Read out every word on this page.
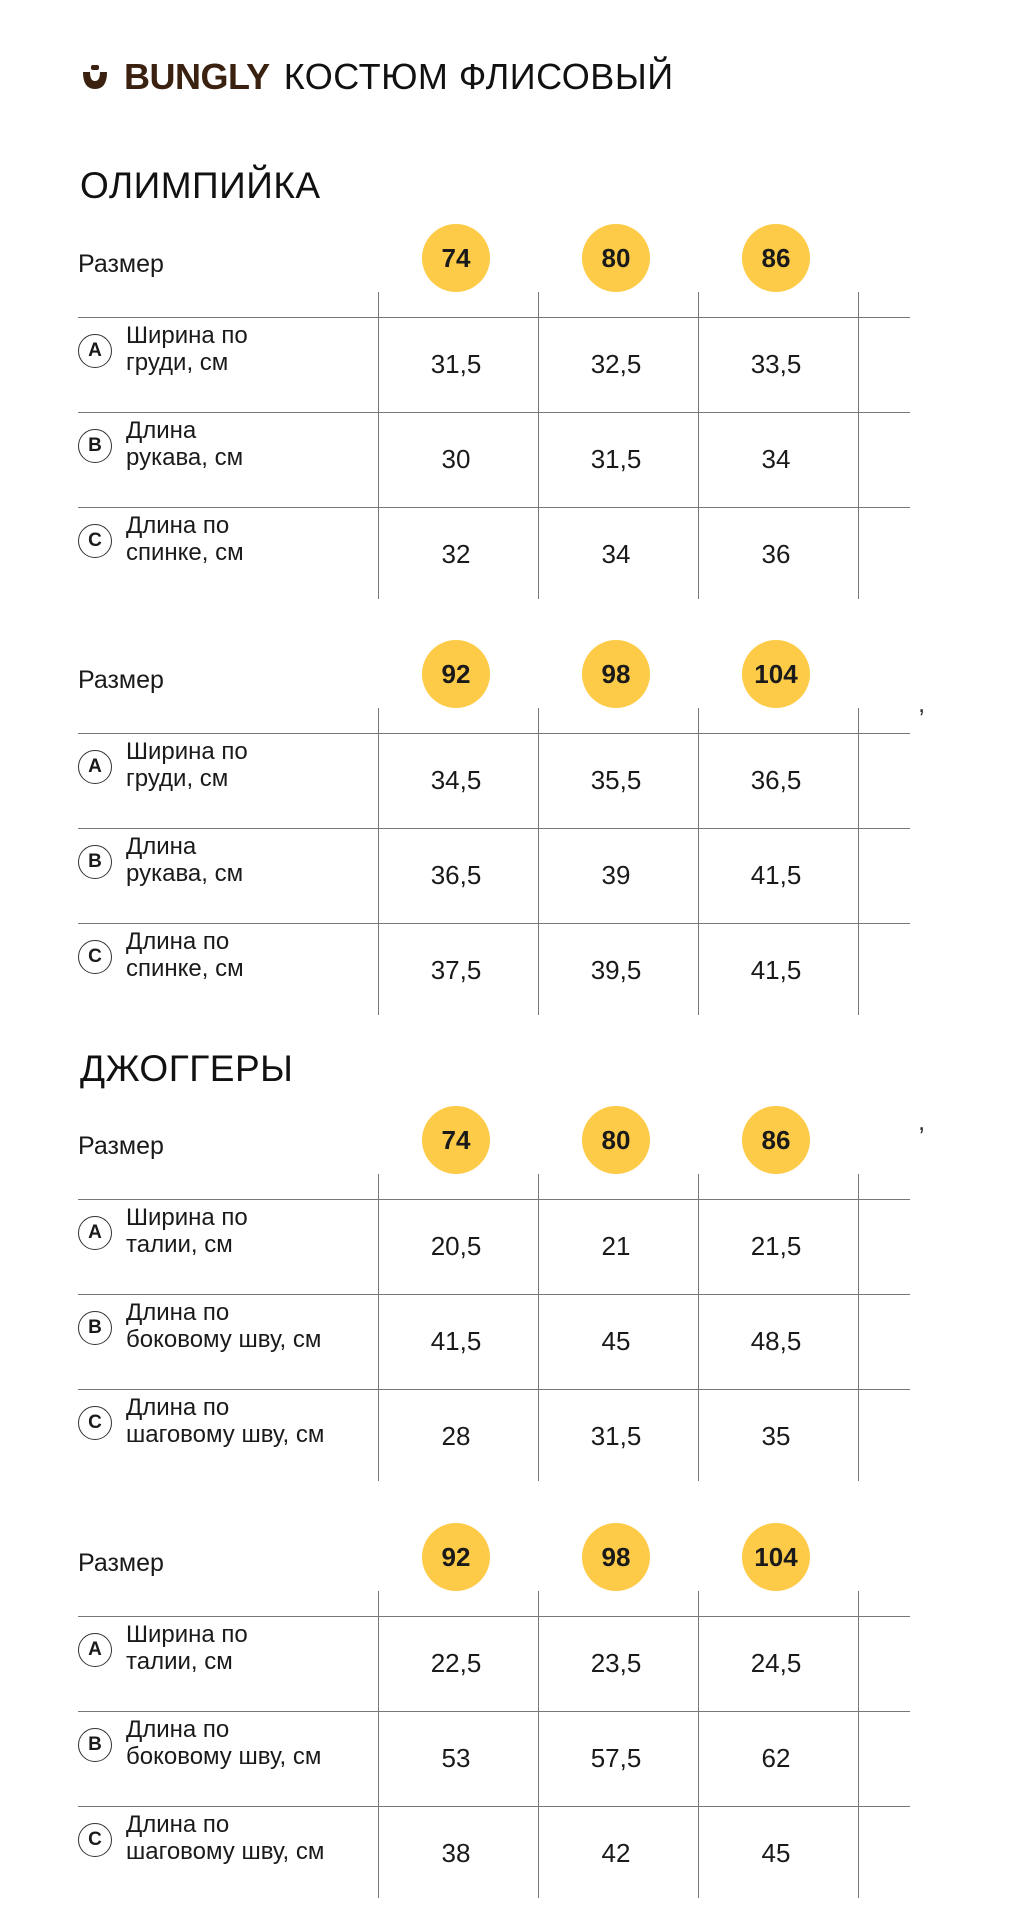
BUNGLY КОСТЮМ ФЛИСОВЫЙ
ОЛИМПИЙКА
ДЖОГГЕРЫ
Размер	74	80	86
A
Ширина по
груди, см	31,5	32,5	33,5
B
Длина
рукава, см	30	31,5	34
C
Длина по
спинке, см	32	34	36
Размер	92	98	104
A
Ширина по
груди, см	34,5	35,5	36,5
B
Длина
рукава, см	36,5	39	41,5
C
Длина по
спинке, см	37,5	39,5	41,5
Размер	74	80	86
A
Ширина по
талии, см	20,5	21	21,5
B
Длина по
боковому шву, см	41,5	45	48,5
C
Длина по
шаговому шву, см	28	31,5	35
Размер	92	98	104
A
Ширина по
талии, см	22,5	23,5	24,5
B
Длина по
боковому шву, см	53	57,5	62
C
Длина по
шаговому шву, см	38	42	45
,
,
